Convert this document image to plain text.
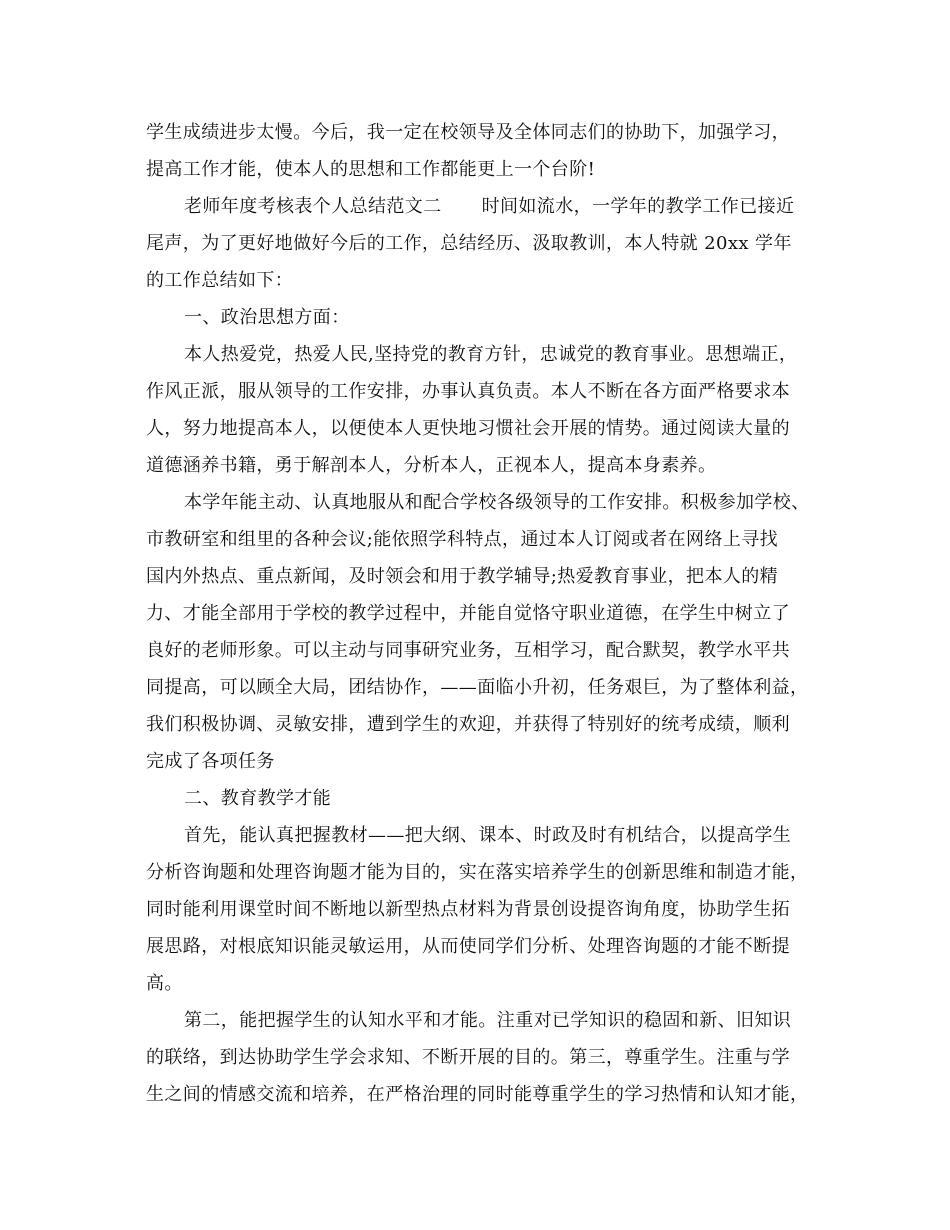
学生成绩进步太慢。今后，我一定在校领导及全体同志们的协助下，加强学习，
提高工作才能，使本人的思想和工作都能更上一个台阶!
老师年度考核表个人总结范文二 时间如流水，一学年的教学工作已接近
尾声，为了更好地做好今后的工作，总结经历、汲取教训，本人特就 20xx 学年
的工作总结如下：
一、政治思想方面：
本人热爱党，热爱人民,坚持党的教育方针，忠诚党的教育事业。思想端正，
作风正派，服从领导的工作安排，办事认真负责。本人不断在各方面严格要求本
人，努力地提高本人，以便使本人更快地习惯社会开展的情势。通过阅读大量的
道德涵养书籍，勇于解剖本人，分析本人，正视本人，提高本身素养。
本学年能主动、认真地服从和配合学校各级领导的工作安排。积极参加学校、
市教研室和组里的各种会议;能依照学科特点，通过本人订阅或者在网络上寻找
国内外热点、重点新闻，及时领会和用于教学辅导;热爱教育事业，把本人的精
力、才能全部用于学校的教学过程中，并能自觉恪守职业道德，在学生中树立了
良好的老师形象。可以主动与同事研究业务，互相学习，配合默契，教学水平共
同提高，可以顾全大局，团结协作，——面临小升初，任务艰巨，为了整体利益，
我们积极协调、灵敏安排，遭到学生的欢迎，并获得了特别好的统考成绩，顺利
完成了各项任务
二、教育教学才能
首先，能认真把握教材——把大纲、课本、时政及时有机结合，以提高学生
分析咨询题和处理咨询题才能为目的，实在落实培养学生的创新思维和制造才能，
同时能利用课堂时间不断地以新型热点材料为背景创设提咨询角度，协助学生拓
展思路，对根底知识能灵敏运用，从而使同学们分析、处理咨询题的才能不断提
高。
第二，能把握学生的认知水平和才能。注重对已学知识的稳固和新、旧知识
的联络，到达协助学生学会求知、不断开展的目的。第三，尊重学生。注重与学
生之间的情感交流和培养，在严格治理的同时能尊重学生的学习热情和认知才能，
